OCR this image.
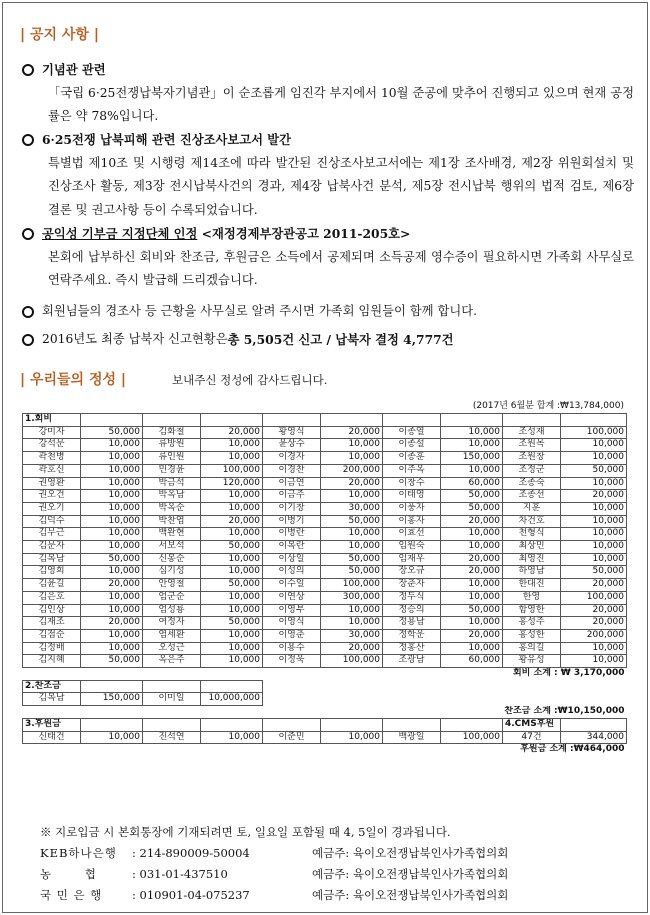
| 공지 사항 |
기념관 관련
「국립 6·25전쟁납북자기념관」이 순조롭게 임진각 부지에서 10월 준공에 맞추어 진행되고 있으며 현재 공정률은 약 78%입니다.
6·25전쟁 납북피해 관련 진상조사보고서 발간
특별법 제10조 및 시행령 제14조에 따라 발간된 진상조사보고서에는 제1장 조사배경, 제2장 위원회설치 및 진상조사 활동, 제3장 전시납북사건의 경과, 제4장 납북사건 분석, 제5장 전시납북 행위의 법적 검토, 제6장 결론 및 권고사항 등이 수록되었습니다.
공익성 기부금 지정단체 인정
<재정경제부장관공고 2011-205호>
본회에 납부하신 회비와 찬조금, 후원금은 소득에서 공제되며 소득공제 영수증이 필요하시면 가족회 사무실로 연락주세요. 즉시 발급해 드리겠습니다.
회원님들의 경조사 등 근황을 사무실로 알려 주시면 가족회 임원들이 함께 합니다.
2016년도 최종 납북자 신고현황은 총 5,505건 신고 / 납북자 결정 4,777건
| 우리들의 정성 |	보내주신 정성에 감사드립니다.
(2017년 6월분 합계 :₩13,784,000)
1.회비									
강미자	50,000	김화철	20,000	황영식	20,000	이종열	10,000	조성재	100,000
강석문	10,000	류방원	10,000	윤상수	10,000	이종설	10,000	조원목	10,000
곽천병	10,000	류인원	10,000	이경자	10,000	이종훈	150,000	조원창	10,000
곽호신	10,000	민경윤	100,000	이경찬	200,000	이주옥	10,000	조정군	50,000
권영환	10,000	박금석	120,000	이금연	20,000	이창수	60,000	조종숙	10,000
권오건	10,000	박옥남	10,000	이금주	10,000	이태영	50,000	조종선	20,000
권오기	10,000	박옥순	10,000	이기창	30,000	이풍자	50,000	지훈	10,000
김덕수	10,000	박찬엽	20,000	이병기	50,000	이홍자	20,000	차건호	10,000
김무근	10,000	백완현	10,000	이병란	10,000	이효선	10,000	천형식	10,000
김문자	10,000	서보석	50,000	이복란	10,000	임원숙	10,000	최상민	10,000
김복남	50,000	신봉순	10,000	이상일	50,000	임재우	20,000	최영진	10,000
김영희	10,000	심기성	10,000	이성의	50,000	장오규	20,000	하영남	50,000
김윤길	20,000	안영철	50,000	이수일	100,000	장춘자	10,000	한대진	20,000
김은호	10,000	엄군순	10,000	이연상	300,000	정두식	10,000	한영	100,000
김인상	10,000	엄성룡	10,000	이영부	10,000	정승의	50,000	함영한	20,000
김재조	20,000	여정자	50,000	이영식	10,000	정용남	10,000	홍성주	20,000
김점순	10,000	염세환	10,000	이영춘	30,000	정학운	20,000	홍성한	200,000
김정배	10,000	오성근	10,000	이용수	20,000	정홍산	10,000	홍의길	10,000
김지혜	50,000	옥은주	10,000	이정욱	100,000	조광남	60,000	황유성	10,000
회비 소계 : ₩ 3,170,000									
2.찬조금									
김복남	150,000	이미일	10,000,000						
찬조금 소계 :₩10,150,000									
3.후원금								4.CMS후원	
신태건	10,000	진석연	10,000	이준민	10,000	백광일	100,000	47건	344,000
후원금 소계 :₩464,000									
※ 지로입금 시 본회통장에 기재되려면 토, 일요일 포함될 때 4, 5일이 경과됩니다.
KEB하나은행	: 214-890009-50004	예금주: 육이오전쟁납북인사가족협의회
농       협	: 031-01-437510	예금주: 육이오전쟁납북인사가족협의회
국 민 은 행	: 010901-04-075237	예금주: 육이오전쟁납북인사가족협의회
